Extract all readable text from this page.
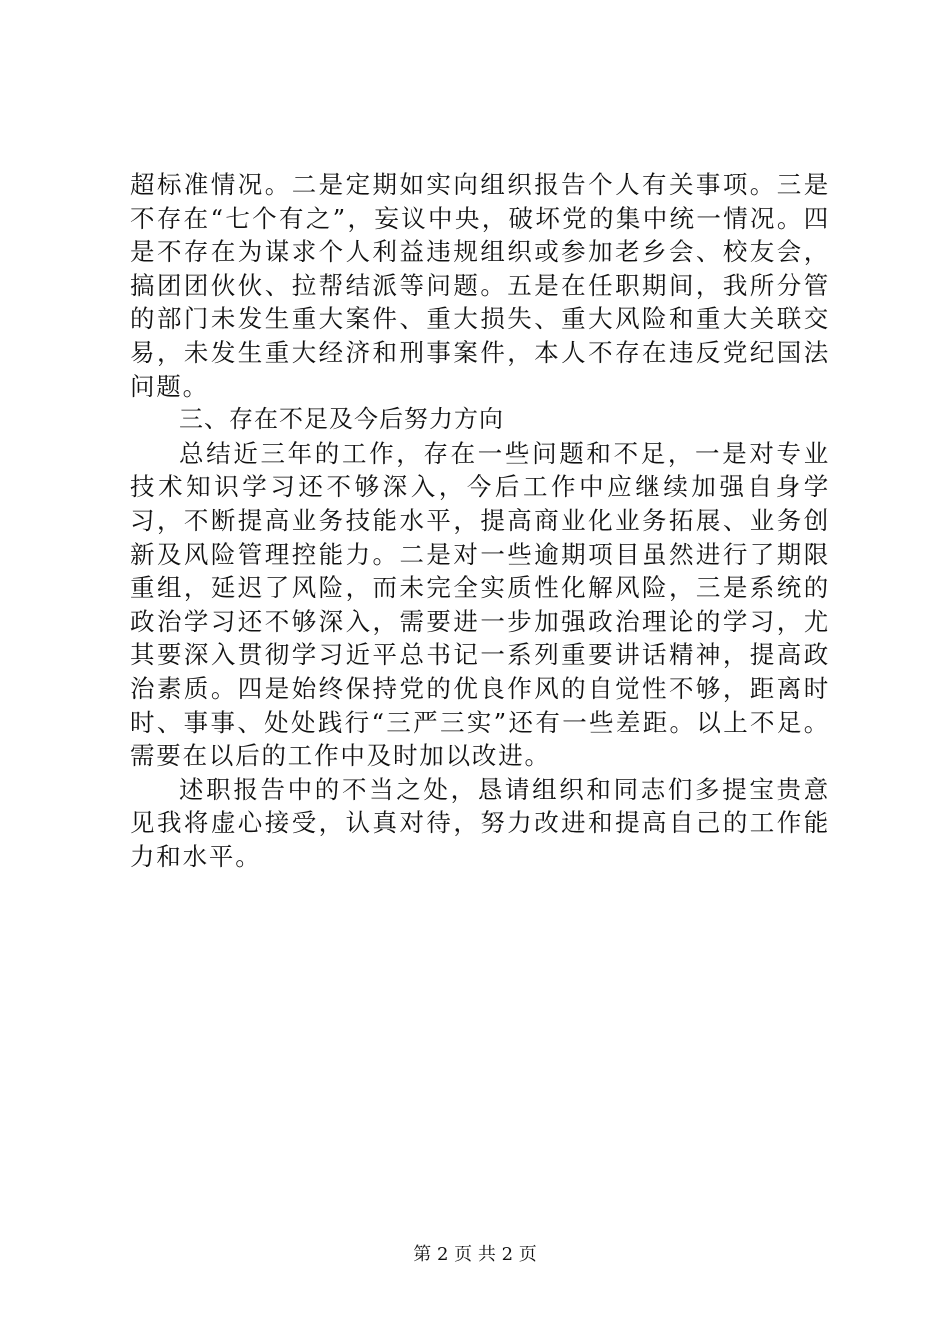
超标准情况。二是定期如实向组织报告个人有关事项。三是不存在“七个有之”，妄议中央，破坏党的集中统一情况。四是不存在为谋求个人利益违规组织或参加老乡会、校友会，搞团团伙伙、拉帮结派等问题。五是在任职期间，我所分管的部门未发生重大案件、重大损失、重大风险和重大关联交易，未发生重大经济和刑事案件，本人不存在违反党纪国法问题。

三、存在不足及今后努力方向

总结近三年的工作，存在一些问题和不足，一是对专业技术知识学习还不够深入，今后工作中应继续加强自身学习，不断提高业务技能水平，提高商业化业务拓展、业务创新及风险管理控能力。二是对一些逾期项目虽然进行了期限重组，延迟了风险，而未完全实质性化解风险，三是系统的政治学习还不够深入，需要进一步加强政治理论的学习，尤其要深入贯彻学习近平总书记一系列重要讲话精神，提高政治素质。四是始终保持党的优良作风的自觉性不够，距离时时、事事、处处践行“三严三实”还有一些差距。以上不足。需要在以后的工作中及时加以改进。

述职报告中的不当之处，恳请组织和同志们多提宝贵意见我将虚心接受，认真对待，努力改进和提高自己的工作能力和水平。

第 2 页 共 2 页
